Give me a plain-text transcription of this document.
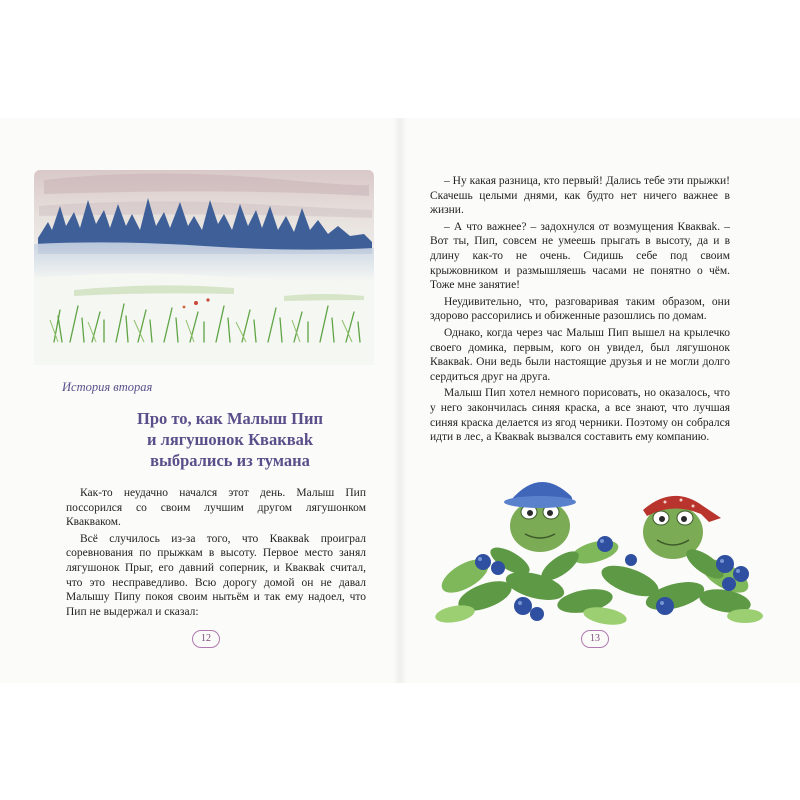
История вторая
Про то, как Малыш Пип
и лягушонок Квакваk
выбрались из тумана

Как-то неудачно начался этот день. Малыш Пип поссорился со своим лучшим другом лягушонком Кваквaком.

Всё случилось из-за того, что Квакваk проиграл соревнования по прыжкам в высоту. Первое место занял лягушонок Прыг, его давний соперник, и Квакваk считал, что это несправедливо. Всю дорогу домой он не давал Малышу Пипу покоя своим нытьём и так ему надоел, что Пип не выдержал и сказал:

12

– Ну какая разница, кто первый! Дались тебе эти прыжки! Скачешь целыми днями, как будто нет ничего важнее в жизни.

– А что важнее? – задохнулся от возмущения Квакваk. – Вот ты, Пип, совсем не умеешь прыгать в высоту, да и в длину как-то не очень. Сидишь себе под своим крыжовником и размышляешь часами не понятно о чём. Тоже мне занятие!

Неудивительно, что, разговаривая таким образом, они здорово рассорились и обиженные разошлись по домам.

Однако, когда через час Малыш Пип вышел на крылечко своего домика, первым, кого он увидел, был лягушонок Квакваk. Они ведь были настоящие друзья и не могли долго сердиться друг на друга.

Малыш Пип хотел немного порисовать, но оказалось, что у него закончилась синяя краска, а все знают, что лучшая синяя краска делается из ягод черники. Поэтому он собрался идти в лес, а Квакваk вызвался составить ему компанию.

13
